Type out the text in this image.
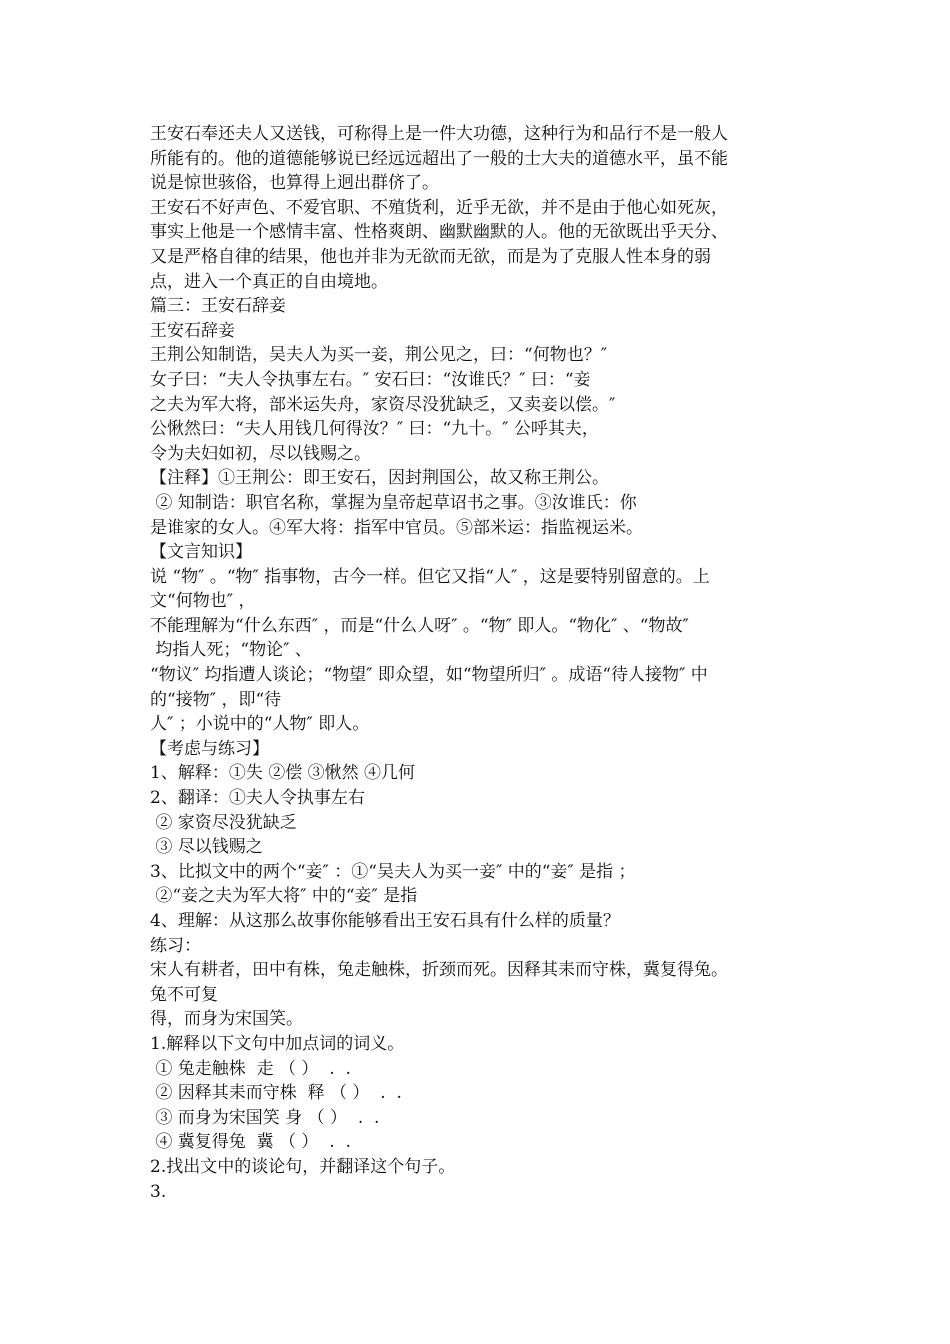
王安石奉还夫人又送钱，可称得上是一件大功德，这种行为和品行不是一般人
所能有的。他的道德能够说已经远远超出了一般的士大夫的道德水平，虽不能
说是惊世骇俗，也算得上迥出群侪了。
王安石不好声色、不爱官职、不殖货利，近乎无欲，并不是由于他心如死灰，
事实上他是一个感情丰富、性格爽朗、幽默幽默的人。他的无欲既出乎天分、
又是严格自律的结果，他也并非为无欲而无欲，而是为了克服人性本身的弱
点，进入一个真正的自由境地。
篇三：王安石辞妾
王安石辞妾
王荆公知制诰，吴夫人为买一妾，荆公见之，曰：“何物也？″
女子曰：“夫人令执事左右。″ 安石曰：“汝谁氏？″ 曰：“妾
之夫为军大将，部米运失舟，家资尽没犹缺乏，又卖妾以偿。″
公愀然曰：“夫人用钱几何得汝？″ 曰：“九十。″ 公呼其夫，
令为夫妇如初，尽以钱赐之。
【注释】①王荆公：即王安石，因封荆国公，故又称王荆公。
② 知制诰：职官名称，掌握为皇帝起草诏书之事。③汝谁氏：你
是谁家的女人。④军大将：指军中官员。⑤部米运：指监视运米。
【文言知识】
说 “物″ 。“物″ 指事物，古今一样。但它又指“人″ ，这是要特别留意的。上
文“何物也″ ，
不能理解为“什么东西″ ，而是“什么人呀″ 。“物″ 即人。“物化″ 、“物故″
均指人死；“物论″ 、
“物议″ 均指遭人谈论；“物望″ 即众望，如“物望所归″ 。成语“待人接物″ 中
的“接物″ ，即“待
人″ ；小说中的“人物″ 即人。
【考虑与练习】
1、解释：①失 ②偿 ③愀然 ④几何
2、翻译：①夫人令执事左右
② 家资尽没犹缺乏
③ 尽以钱赐之
3、比拟文中的两个“妾″ ：①“吴夫人为买一妾″ 中的“妾″ 是指 ；
②“妾之夫为军大将″ 中的“妾″ 是指
4、理解：从这那么故事你能够看出王安石具有什么样的质量？
练习：
宋人有耕者，田中有株，兔走触株，折颈而死。因释其耒而守株，冀复得兔。
兔不可复
得，而身为宋国笑。
1.解释以下文句中加点词的词义。
① 兔走触株  走 （ ）  .  .
② 因释其耒而守株  释 （ ）  .  .
③ 而身为宋国笑 身 （ ）  .  .
④ 冀复得兔  冀 （ ）  .  .
2.找出文中的谈论句，并翻译这个句子。
3.
